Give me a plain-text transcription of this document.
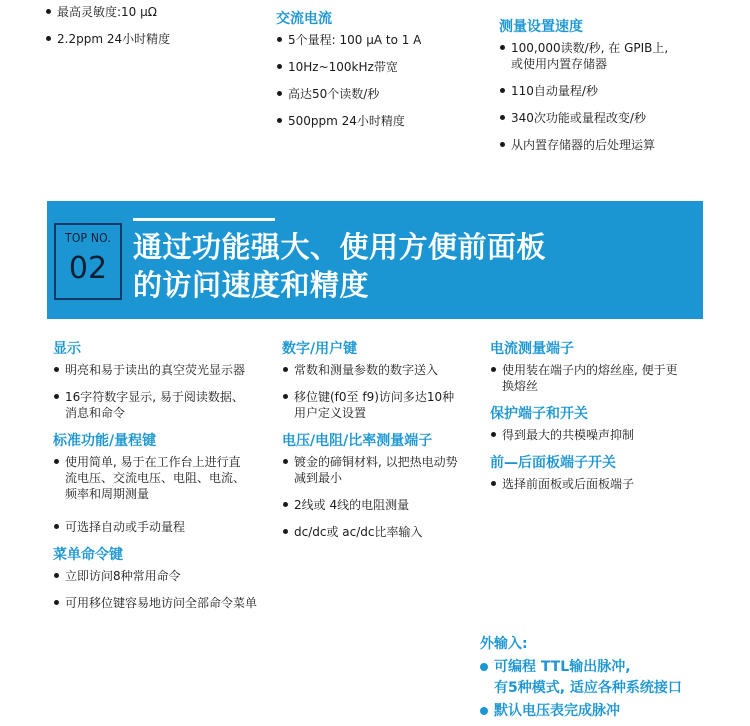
最高灵敏度:10 μΩ
2.2ppm 24小时精度
交流电流
5个量程: 100 μA to 1 A
10Hz~100kHz带宽
高达50个读数/秒
500ppm 24小时精度
测量设置速度
100,000读数/秒, 在 GPIB上,
或使用内置存储器
110自动量程/秒
340次功能或量程改变/秒
从内置存储器的后处理运算
TOP NO.
02
通过功能强大、使用方便前面板
的访问速度和精度
显示
明亮和易于读出的真空荧光显示器
16字符数字显示, 易于阅读数据、
消息和命令
标准功能/量程键
使用简单, 易于在工作台上进行直
流电压、交流电压、电阻、电流、
频率和周期测量
可选择自动或手动量程
菜单命令键
立即访问8种常用命令
可用移位键容易地访问全部命令菜单
数字/用户键
常数和测量参数的数字送入
移位键(f0至 f9)访问多达10种
用户定义设置
电压/电阻/比率测量端子
镀金的碲铜材料, 以把热电动势
减到最小
2线或 4线的电阻测量
dc/dc或 ac/dc比率输入
电流测量端子
使用装在端子内的熔丝座, 便于更
换熔丝
保护端子和开关
得到最大的共模噪声抑制
前—后面板端子开关
选择前面板或后面板端子
外输入:
可编程 TTL输出脉冲,
有5种模式, 适应各种系统接口
默认电压表完成脉冲
